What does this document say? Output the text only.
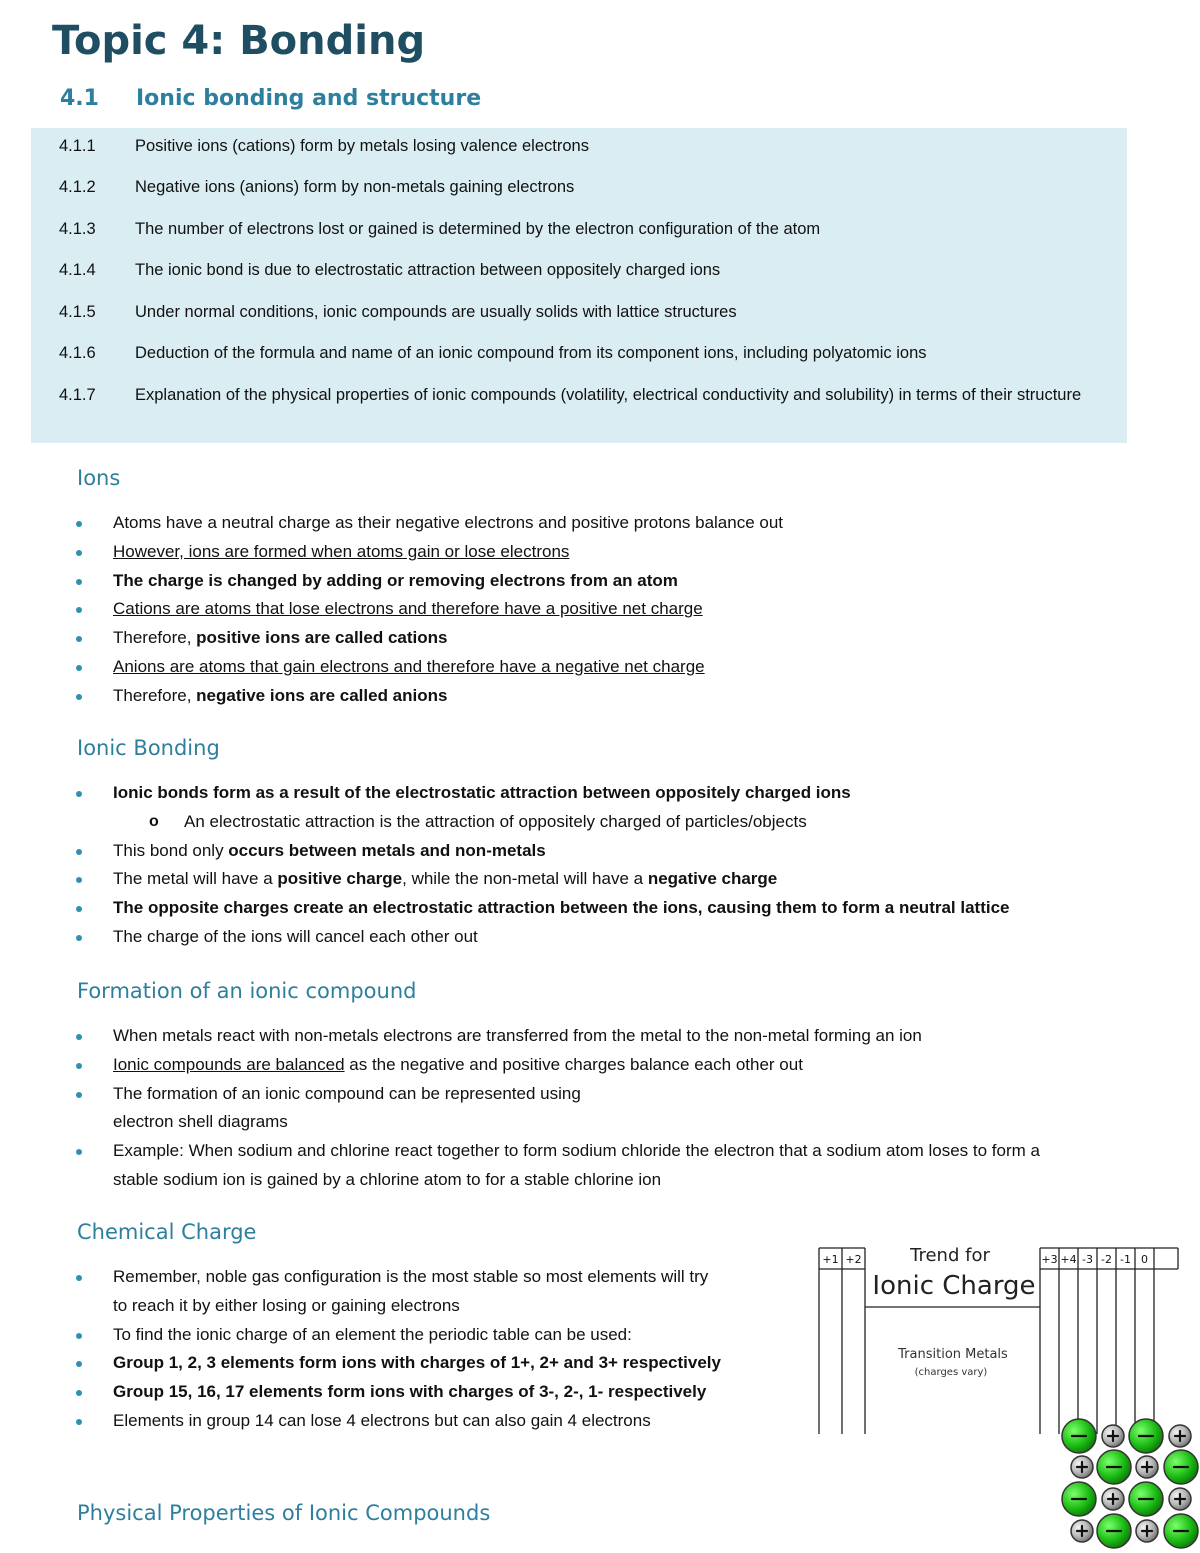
Topic 4: Bonding
4.1 Ionic bonding and structure
4.1.1	Positive ions (cations) form by metals losing valence electrons
4.1.2	Negative ions (anions) form by non-metals gaining electrons
4.1.3	The number of electrons lost or gained is determined by the electron configuration of the atom
4.1.4	The ionic bond is due to electrostatic attraction between oppositely charged ions
4.1.5	Under normal conditions, ionic compounds are usually solids with lattice structures
4.1.6	Deduction of the formula and name of an ionic compound from its component ions, including polyatomic ions
4.1.7	Explanation of the physical properties of ionic compounds (volatility, electrical conductivity and solubility) in terms of their structure
Ions
Atoms have a neutral charge as their negative electrons and positive protons balance out
However, ions are formed when atoms gain or lose electrons
The charge is changed by adding or removing electrons from an atom
Cations are atoms that lose electrons and therefore have a positive net charge
Therefore, positive ions are called cations
Anions are atoms that gain electrons and therefore have a negative net charge
Therefore, negative ions are called anions
Ionic Bonding
Ionic bonds form as a result of the electrostatic attraction between oppositely charged ions
o An electrostatic attraction is the attraction of oppositely charged of particles/objects
This bond only occurs between metals and non-metals
The metal will have a positive charge, while the non-metal will have a negative charge
The opposite charges create an electrostatic attraction between the ions, causing them to form a neutral lattice
The charge of the ions will cancel each other out
Formation of an ionic compound
When metals react with non-metals electrons are transferred from the metal to the non-metal forming an ion
Ionic compounds are balanced as the negative and positive charges balance each other out
The formation of an ionic compound can be represented using
electron shell diagrams
Example: When sodium and chlorine react together to form sodium chloride the electron that a sodium atom loses to form a
stable sodium ion is gained by a chlorine atom to for a stable chlorine ion
Chemical Charge
Remember, noble gas configuration is the most stable so most elements will try
to reach it by either losing or gaining electrons
To find the ionic charge of an element the periodic table can be used:
Group 1, 2, 3 elements form ions with charges of 1+, 2+ and 3+ respectively
Group 15, 16, 17 elements form ions with charges of 3-, 2-, 1- respectively
Elements in group 14 can lose 4 electrons but can also gain 4 electrons
Physical Properties of Ionic Compounds
+1 +2	+3 +4 -3 -2 -1 0
Trend for
Ionic Charge
Transition Metals
(charges vary)
